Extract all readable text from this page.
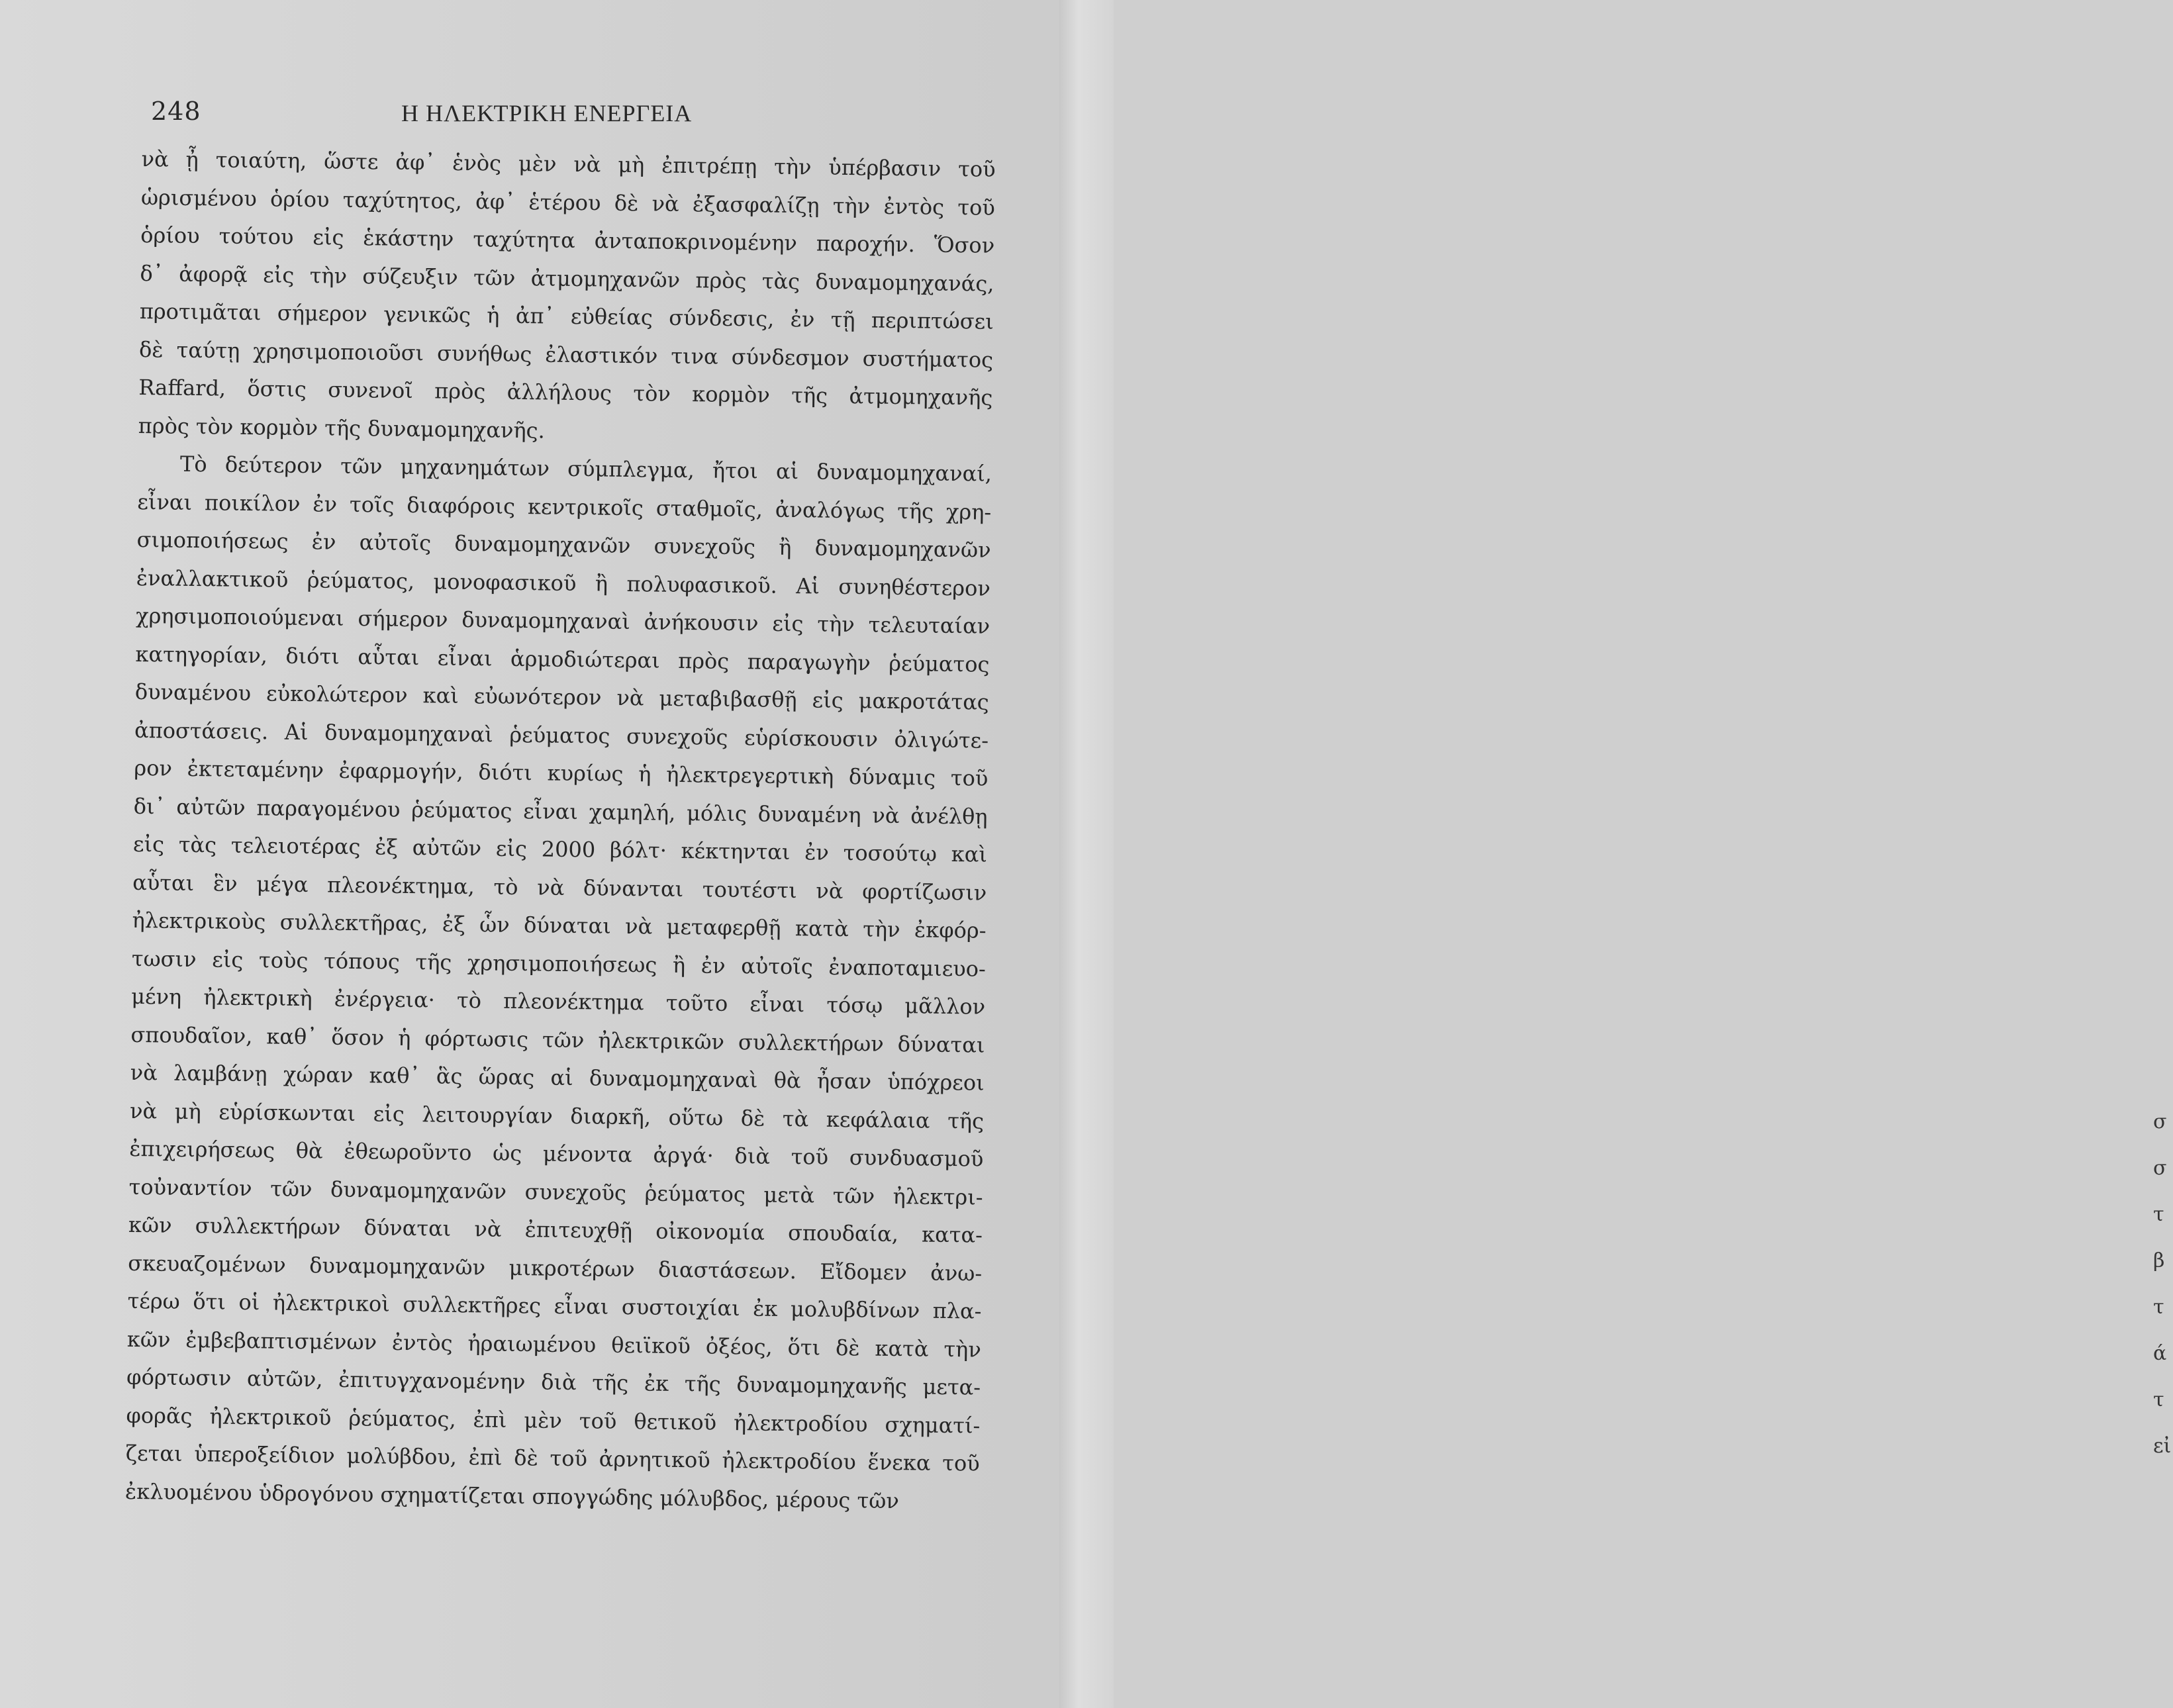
σ
σ
τ
β
τ
ά
τ
εἰ
248	Η ΗΛΕΚΤΡΙΚΗ ΕΝΕΡΓΕΙΑ
νὰ ᾖ τοιαύτη, ὥστε ἀφ᾽ ἑνὸς μὲν νὰ μὴ ἐπιτρέπῃ τὴν ὑπέρβασιν τοῦ
ὡρισμένου ὁρίου ταχύτητος, ἀφ᾽ ἑτέρου δὲ νὰ ἐξασφαλίζῃ τὴν ἐντὸς τοῦ
ὁρίου τούτου εἰς ἑκάστην ταχύτητα ἀνταποκρινομένην παροχήν. Ὅσον
δ᾽ ἀφορᾷ εἰς τὴν σύζευξιν τῶν ἀτμομηχανῶν πρὸς τὰς δυναμομηχανάς,
προτιμᾶται σήμερον γενικῶς ἡ ἀπ᾽ εὐθείας σύνδεσις, ἐν τῇ περιπτώσει
δὲ ταύτῃ χρησιμοποιοῦσι συνήθως ἐλαστικόν τινα σύνδεσμον συστήματος
Raffard, ὅστις συνενοῖ πρὸς ἀλλήλους τὸν κορμὸν τῆς ἀτμομηχανῆς
πρὸς τὸν κορμὸν τῆς δυναμομηχανῆς.
Τὸ δεύτερον τῶν μηχανημάτων σύμπλεγμα, ἤτοι αἱ δυναμομηχαναί,
εἶναι ποικίλον ἐν τοῖς διαφόροις κεντρικοῖς σταθμοῖς, ἀναλόγως τῆς χρη-
σιμοποιήσεως ἐν αὐτοῖς δυναμομηχανῶν συνεχοῦς ἢ δυναμομηχανῶν
ἐναλλακτικοῦ ῥεύματος, μονοφασικοῦ ἢ πολυφασικοῦ. Αἱ συνηθέστερον
χρησιμοποιούμεναι σήμερον δυναμομηχαναὶ ἀνήκουσιν εἰς τὴν τελευταίαν
κατηγορίαν, διότι αὗται εἶναι ἁρμοδιώτεραι πρὸς παραγωγὴν ῥεύματος
δυναμένου εὐκολώτερον καὶ εὐωνότερον νὰ μεταβιβασθῇ εἰς μακροτάτας
ἀποστάσεις. Αἱ δυναμομηχαναὶ ῥεύματος συνεχοῦς εὑρίσκουσιν ὀλιγώτε-
ρον ἐκτεταμένην ἐφαρμογήν, διότι κυρίως ἡ ἠλεκτρεγερτικὴ δύναμις τοῦ
δι᾽ αὐτῶν παραγομένου ῥεύματος εἶναι χαμηλή, μόλις δυναμένη νὰ ἀνέλθῃ
εἰς τὰς τελειοτέρας ἐξ αὐτῶν εἰς 2000 βόλτ· κέκτηνται ἐν τοσούτῳ καὶ
αὗται ἓν μέγα πλεονέκτημα, τὸ νὰ δύνανται τουτέστι νὰ φορτίζωσιν
ἠλεκτρικοὺς συλλεκτῆρας, ἐξ ὧν δύναται νὰ μεταφερθῇ κατὰ τὴν ἐκφόρ-
τωσιν εἰς τοὺς τόπους τῆς χρησιμοποιήσεως ἢ ἐν αὐτοῖς ἐναποταμιευο-
μένη ἠλεκτρικὴ ἐνέργεια· τὸ πλεονέκτημα τοῦτο εἶναι τόσῳ μᾶλλον
σπουδαῖον, καθ᾽ ὅσον ἡ φόρτωσις τῶν ἠλεκτρικῶν συλλεκτήρων δύναται
νὰ λαμβάνῃ χώραν καθ᾽ ἃς ὥρας αἱ δυναμομηχαναὶ θὰ ἦσαν ὑπόχρεοι
νὰ μὴ εὑρίσκωνται εἰς λειτουργίαν διαρκῆ, οὕτω δὲ τὰ κεφάλαια τῆς
ἐπιχειρήσεως θὰ ἐθεωροῦντο ὡς μένοντα ἀργά· διὰ τοῦ συνδυασμοῦ
τοὐναντίον τῶν δυναμομηχανῶν συνεχοῦς ῥεύματος μετὰ τῶν ἠλεκτρι-
κῶν συλλεκτήρων δύναται νὰ ἐπιτευχθῇ οἰκονομία σπουδαία, κατα-
σκευαζομένων δυναμομηχανῶν μικροτέρων διαστάσεων. Εἴδομεν ἀνω-
τέρω ὅτι οἱ ἠλεκτρικοὶ συλλεκτῆρες εἶναι συστοιχίαι ἐκ μολυβδίνων πλα-
κῶν ἐμβεβαπτισμένων ἐντὸς ἠραιωμένου θειϊκοῦ ὀξέος, ὅτι δὲ κατὰ τὴν
φόρτωσιν αὐτῶν, ἐπιτυγχανομένην διὰ τῆς ἐκ τῆς δυναμομηχανῆς μετα-
φορᾶς ἠλεκτρικοῦ ῥεύματος, ἐπὶ μὲν τοῦ θετικοῦ ἠλεκτροδίου σχηματί-
ζεται ὑπεροξείδιον μολύβδου, ἐπὶ δὲ τοῦ ἀρνητικοῦ ἠλεκτροδίου ἕνεκα τοῦ
ἐκλυομένου ὑδρογόνου σχηματίζεται σπογγώδης μόλυβδος, μέρους τῶν
